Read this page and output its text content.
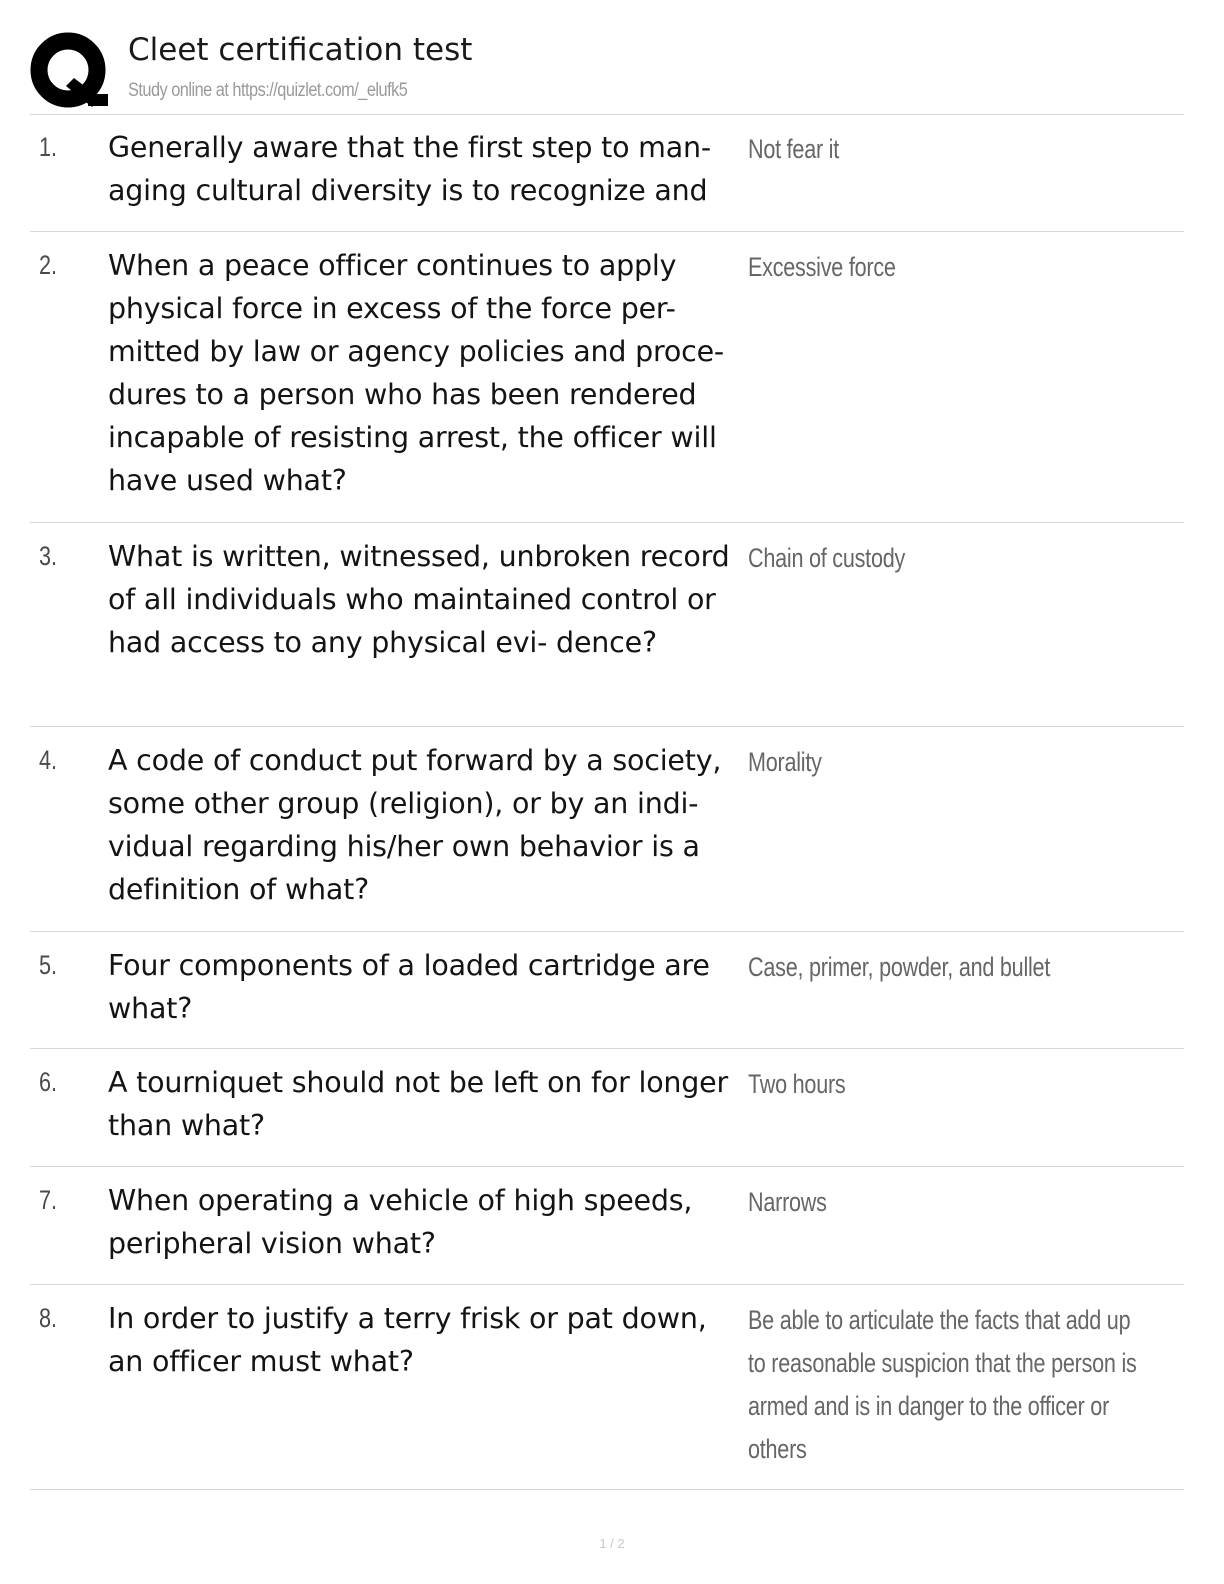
Cleet certification test
Study online at https://quizlet.com/_elufk5
1. Generally aware that the first step to man- aging cultural diversity is to recognize and
Not fear it
2. When a peace officer continues to apply physical force in excess of the force per- mitted by law or agency policies and proce- dures to a person who has been rendered incapable of resisting arrest, the officer will have used what?
Excessive force
3. What is written, witnessed, unbroken record of all individuals who maintained control or had access to any physical evi- dence?
Chain of custody
4. A code of conduct put forward by a society, some other group (religion), or by an indi- vidual regarding his/her own behavior is a definition of what?
Morality
5. Four components of a loaded cartridge are what?
Case, primer, powder, and bullet
6. A tourniquet should not be left on for longer than what?
Two hours
7. When operating a vehicle of high speeds, peripheral vision what?
Narrows
8. In order to justify a terry frisk or pat down, an officer must what?
Be able to articulate the facts that add up to reasonable suspicion that the person is armed and is in danger to the officer or others
1 / 2
